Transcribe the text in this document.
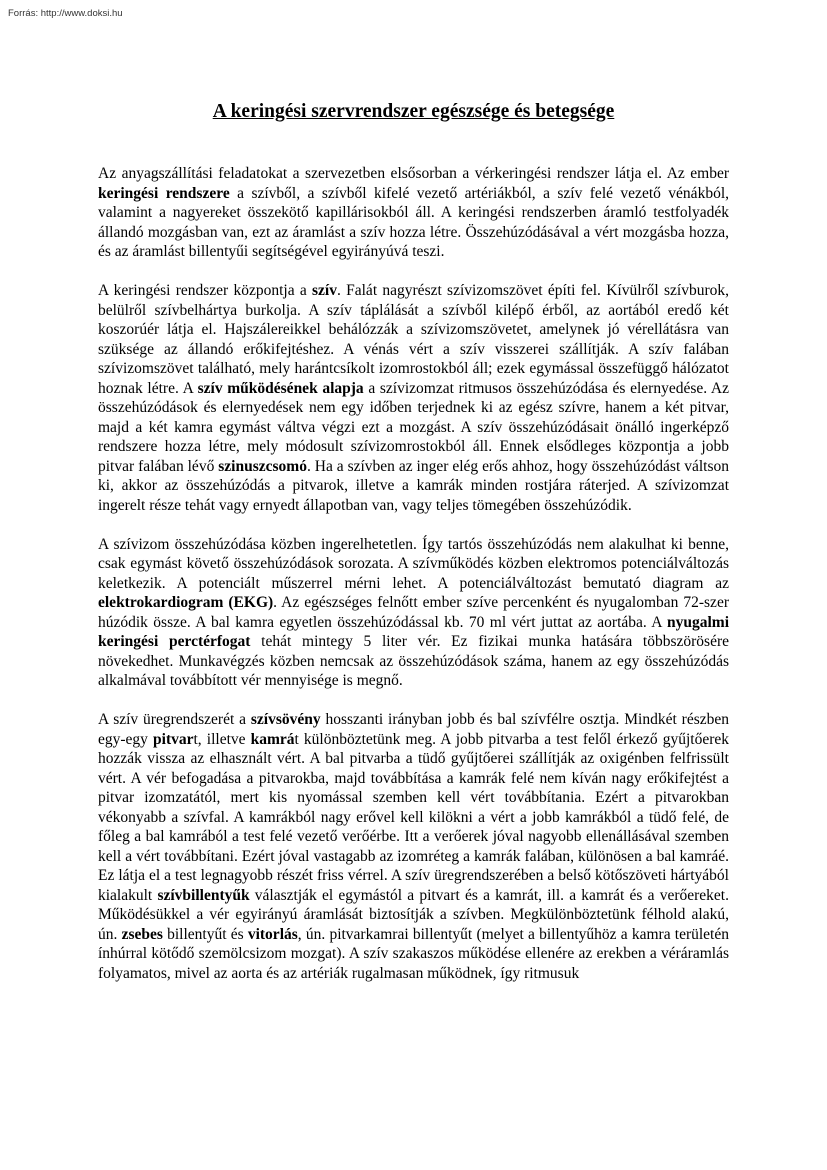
Forrás: http://www.doksi.hu

A keringési szervrendszer egészsége és betegsége

Az anyagszállítási feladatokat a szervezetben elsősorban a vérkeringési rendszer látja el. Az ember keringési rendszere a szívből, a szívből kifelé vezető artériákból, a szív felé vezető vénákból, valamint a nagyereket összekötő kapillárisokból áll. A keringési rendszerben áramló testfolyadék állandó mozgásban van, ezt az áramlást a szív hozza létre. Összehúzódásával a vért mozgásba hozza, és az áramlást billentyűi segítségével egyirányúvá teszi.

A keringési rendszer központja a szív. Falát nagyrészt szívizomszövet építi fel. Kívülről szívburok, belülről szívbelhártya burkolja. A szív táplálását a szívből kilépő érből, az aortából eredő két koszorúér látja el. Hajszálereikkel behálózzák a szívizomszövetet, amelynek jó vérellátásra van szüksége az állandó erőkifejtéshez. A vénás vért a szív visszerei szállítják. A szív falában szívizomszövet található, mely harántcsíkolt izomrostokból áll; ezek egymással összefüggő hálózatot hoznak létre. A szív működésének alapja a szívizomzat ritmusos összehúzódása és elernyedése. Az összehúzódások és elernyedések nem egy időben terjednek ki az egész szívre, hanem a két pitvar, majd a két kamra egymást váltva végzi ezt a mozgást. A szív összehúzódásait önálló ingerképző rendszere hozza létre, mely módosult szívizomrostokból áll. Ennek elsődleges központja a jobb pitvar falában lévő szinuszcsomó. Ha a szívben az inger elég erős ahhoz, hogy összehúzódást váltson ki, akkor az összehúzódás a pitvarok, illetve a kamrák minden rostjára ráterjed. A szívizomzat ingerelt része tehát vagy ernyedt állapotban van, vagy teljes tömegében összehúzódik.

A szívizom összehúzódása közben ingerelhetetlen. Így tartós összehúzódás nem alakulhat ki benne, csak egymást követő összehúzódások sorozata. A szívműködés közben elektromos potenciálváltozás keletkezik. A potenciált műszerrel mérni lehet. A potenciálváltozást bemutató diagram az elektrokardiogram (EKG). Az egészséges felnőtt ember szíve percenként és nyugalomban 72-szer húzódik össze. A bal kamra egyetlen összehúzódással kb. 70 ml vért juttat az aortába. A nyugalmi keringési perctérfogat tehát mintegy 5 liter vér. Ez fizikai munka hatására többszörösére növekedhet. Munkavégzés közben nemcsak az összehúzódások száma, hanem az egy összehúzódás alkalmával továbbított vér mennyisége is megnő.

A szív üregrendszerét a szívsövény hosszanti irányban jobb és bal szívfélre osztja. Mindkét részben egy-egy pitvart, illetve kamrát különböztetünk meg. A jobb pitvarba a test felől érkező gyűjtőerek hozzák vissza az elhasznált vért. A bal pitvarba a tüdő gyűjtőerei szállítják az oxigénben felfrissült vért. A vér befogadása a pitvarokba, majd továbbítása a kamrák felé nem kíván nagy erőkifejtést a pitvar izomzatától, mert kis nyomással szemben kell vért továbbítania. Ezért a pitvarokban vékonyabb a szívfal. A kamrákból nagy erővel kell kilökni a vért a jobb kamrákból a tüdő felé, de főleg a bal kamrából a test felé vezető verőérbe. Itt a verőerek jóval nagyobb ellenállásával szemben kell a vért továbbítani. Ezért jóval vastagabb az izomréteg a kamrák falában, különösen a bal kamráé. Ez látja el a test legnagyobb részét friss vérrel. A szív üregrendszerében a belső kötőszöveti hártyából kialakult szívbillentyűk választják el egymástól a pitvart és a kamrát, ill. a kamrát és a verőereket. Működésükkel a vér egyirányú áramlását biztosítják a szívben. Megkülönböztetünk félhold alakú, ún. zsebes billentyűt és vitorlás, ún. pitvarkamrai billentyűt (melyet a billentyűhöz a kamra területén ínhúrral kötődő szemölcsizom mozgat). A szív szakaszos működése ellenére az erekben a véráramlás folyamatos, mivel az aorta és az artériák rugalmasan működnek, így ritmusuk
